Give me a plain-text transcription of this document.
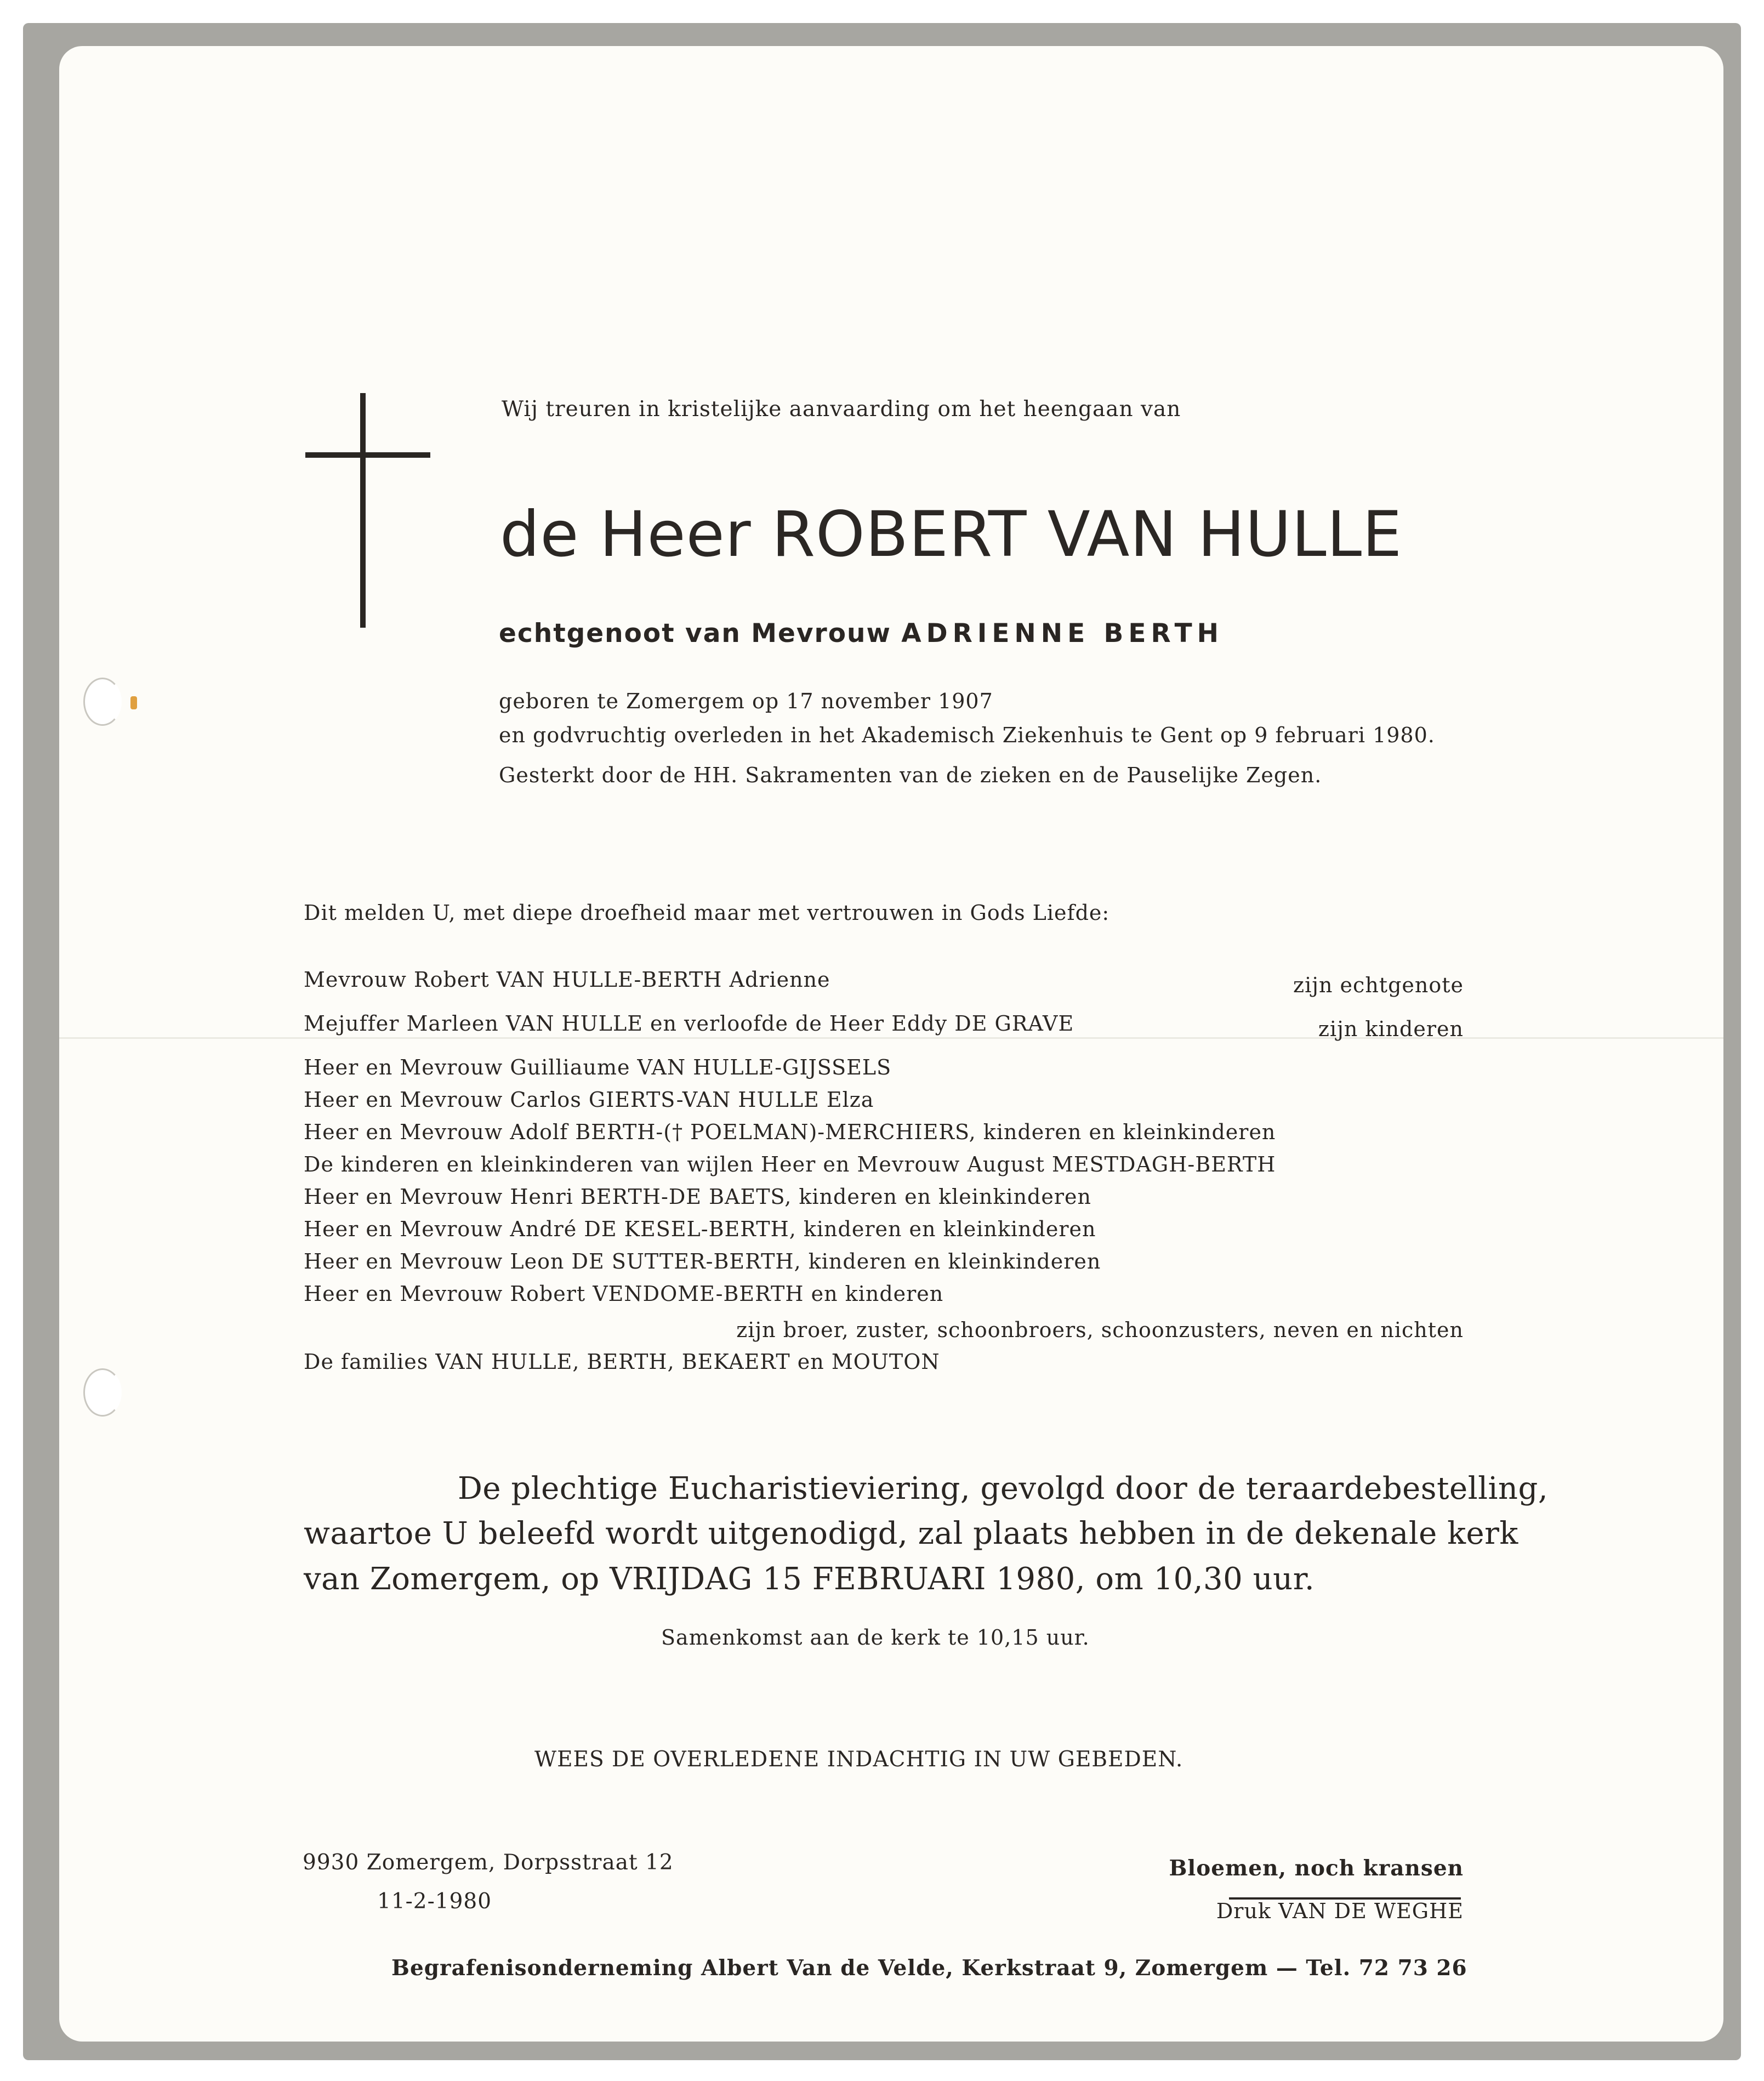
Wij treuren in kristelijke aanvaarding om het heengaan van
de Heer ROBERT VAN HULLE
echtgenoot van Mevrouw ADRIENNE BERTH
geboren te Zomergem op 17 november 1907
en godvruchtig overleden in het Akademisch Ziekenhuis te Gent op 9 februari 1980.
Gesterkt door de HH. Sakramenten van de zieken en de Pauselijke Zegen.
Dit melden U, met diepe droefheid maar met vertrouwen in Gods Liefde:
Mevrouw Robert VAN HULLE-BERTH Adrienne	zijn echtgenote
Mejuffer Marleen VAN HULLE en verloofde de Heer Eddy DE GRAVE	zijn kinderen
Heer en Mevrouw Guilliaume VAN HULLE-GIJSSELS
Heer en Mevrouw Carlos GIERTS-VAN HULLE Elza
Heer en Mevrouw Adolf BERTH-(† POELMAN)-MERCHIERS, kinderen en kleinkinderen
De kinderen en kleinkinderen van wijlen Heer en Mevrouw August MESTDAGH-BERTH
Heer en Mevrouw Henri BERTH-DE BAETS, kinderen en kleinkinderen
Heer en Mevrouw André DE KESEL-BERTH, kinderen en kleinkinderen
Heer en Mevrouw Leon DE SUTTER-BERTH, kinderen en kleinkinderen
Heer en Mevrouw Robert VENDOME-BERTH en kinderen
zijn broer, zuster, schoonbroers, schoonzusters, neven en nichten
De families VAN HULLE, BERTH, BEKAERT en MOUTON
De plechtige Eucharistieviering, gevolgd door de teraardebestelling,
waartoe U beleefd wordt uitgenodigd, zal plaats hebben in de dekenale kerk
van Zomergem, op VRIJDAG 15 FEBRUARI 1980, om 10,30 uur.
Samenkomst aan de kerk te 10,15 uur.
WEES DE OVERLEDENE INDACHTIG IN UW GEBEDEN.
9930 Zomergem, Dorpsstraat 12
11-2-1980
Bloemen, noch kransen
Druk VAN DE WEGHE
Begrafenisonderneming Albert Van de Velde, Kerkstraat 9, Zomergem — Tel. 72 73 26
